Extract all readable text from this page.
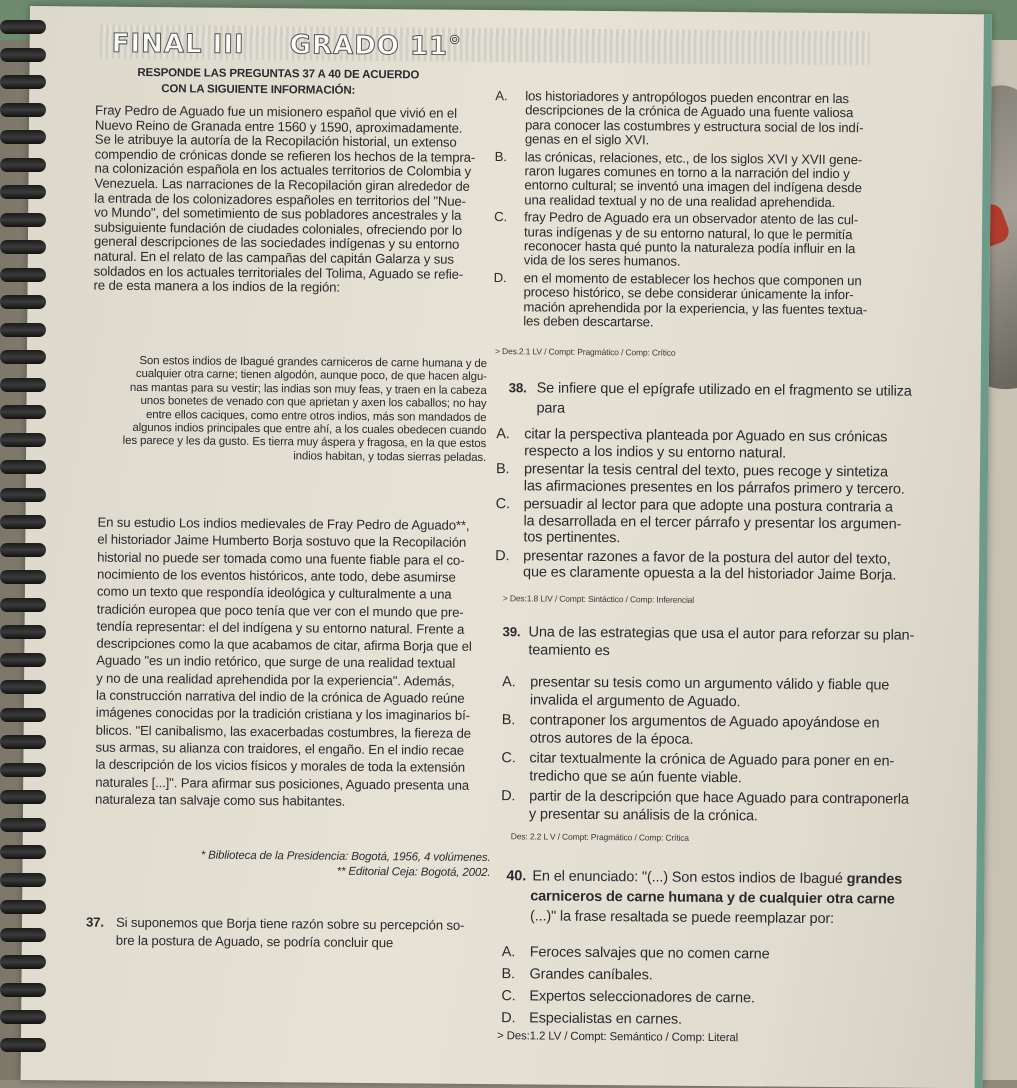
FINAL III GRADO 11°
RESPONDE LAS PREGUNTAS 37 A 40 DE ACUERDO
CON LA SIGUIENTE INFORMACIÓN:
Fray Pedro de Aguado fue un misionero español que vivió en el
Nuevo Reino de Granada entre 1560 y 1590, aproximadamente.
Se le atribuye la autoría de la Recopilación historial, un extenso
compendio de crónicas donde se refieren los hechos de la tempra-
na colonización española en los actuales territorios de Colombia y
Venezuela. Las narraciones de la Recopilación giran alrededor de
la entrada de los colonizadores españoles en territorios del "Nue-
vo Mundo", del sometimiento de sus pobladores ancestrales y la
subsiguiente fundación de ciudades coloniales, ofreciendo por lo
general descripciones de las sociedades indígenas y su entorno
natural. En el relato de las campañas del capitán Galarza y sus
soldados en los actuales territoriales del Tolima, Aguado se refie-
re de esta manera a los indios de la región:
Son estos indios de Ibagué grandes carniceros de carne humana y de
cualquier otra carne; tienen algodón, aunque poco, de que hacen algu-
nas mantas para su vestir; las indias son muy feas, y traen en la cabeza
unos bonetes de venado con que aprietan y axen los caballos; no hay
entre ellos caciques, como entre otros indios, más son mandados de
algunos indios principales que entre ahí, a los cuales obedecen cuando
les parece y les da gusto. Es tierra muy áspera y fragosa, en la que estos
indios habitan, y todas sierras peladas.
En su estudio Los indios medievales de Fray Pedro de Aguado**,
el historiador Jaime Humberto Borja sostuvo que la Recopilación
historial no puede ser tomada como una fuente fiable para el co-
nocimiento de los eventos históricos, ante todo, debe asumirse
como un texto que respondía ideológica y culturalmente a una
tradición europea que poco tenía que ver con el mundo que pre-
tendía representar: el del indígena y su entorno natural. Frente a
descripciones como la que acabamos de citar, afirma Borja que el
Aguado "es un indio retórico, que surge de una realidad textual
y no de una realidad aprehendida por la experiencia". Además,
la construcción narrativa del indio de la crónica de Aguado reúne
imágenes conocidas por la tradición cristiana y los imaginarios bí-
blicos. "El canibalismo, las exacerbadas costumbres, la fiereza de
sus armas, su alianza con traidores, el engaño. En el indio recae
la descripción de los vicios físicos y morales de toda la extensión
naturales [...]". Para afirmar sus posiciones, Aguado presenta una
naturaleza tan salvaje como sus habitantes.
* Biblioteca de la Presidencia: Bogotá, 1956, 4 volúmenes.
** Editorial Ceja: Bogotá, 2002.
37. Si suponemos que Borja tiene razón sobre su percepción so-
bre la postura de Aguado, se podría concluir que
A. los historiadores y antropólogos pueden encontrar en las
descripciones de la crónica de Aguado una fuente valiosa
para conocer las costumbres y estructura social de los indí-
genas en el siglo XVI.
B. las crónicas, relaciones, etc., de los siglos XVI y XVII gene-
raron lugares comunes en torno a la narración del indio y
entorno cultural; se inventó una imagen del indígena desde
una realidad textual y no de una realidad aprehendida.
C. fray Pedro de Aguado era un observador atento de las cul-
turas indígenas y de su entorno natural, lo que le permitía
reconocer hasta qué punto la naturaleza podía influir en la
vida de los seres humanos.
D. en el momento de establecer los hechos que componen un
proceso histórico, se debe considerar únicamente la infor-
mación aprehendida por la experiencia, y las fuentes textua-
les deben descartarse.
> Des.2.1 LV / Compt: Pragmático / Comp: Crítico
38. Se infiere que el epígrafe utilizado en el fragmento se utiliza
para
A. citar la perspectiva planteada por Aguado en sus crónicas
respecto a los indios y su entorno natural.
B. presentar la tesis central del texto, pues recoge y sintetiza
las afirmaciones presentes en los párrafos primero y tercero.
C. persuadir al lector para que adopte una postura contraria a
la desarrollada en el tercer párrafo y presentar los argumen-
tos pertinentes.
D. presentar razones a favor de la postura del autor del texto,
que es claramente opuesta a la del historiador Jaime Borja.
> Des:1.8 LIV / Compt: Sintáctico / Comp: Inferencial
39. Una de las estrategias que usa el autor para reforzar su plan-
teamiento es
A. presentar su tesis como un argumento válido y fiable que
invalida el argumento de Aguado.
B. contraponer los argumentos de Aguado apoyándose en
otros autores de la época.
C. citar textualmente la crónica de Aguado para poner en en-
tredicho que se aún fuente viable.
D. partir de la descripción que hace Aguado para contraponerla
y presentar su análisis de la crónica.
Des: 2.2 L V / Compt: Pragmático / Comp: Crítica
40. En el enunciado: "(...) Son estos indios de Ibagué grandes
carniceros de carne humana y de cualquier otra carne
(...)" la frase resaltada se puede reemplazar por:
A. Feroces salvajes que no comen carne
B. Grandes caníbales.
C. Expertos seleccionadores de carne.
D. Especialistas en carnes.
> Des:1.2 LV / Compt: Semántico / Comp: Literal
